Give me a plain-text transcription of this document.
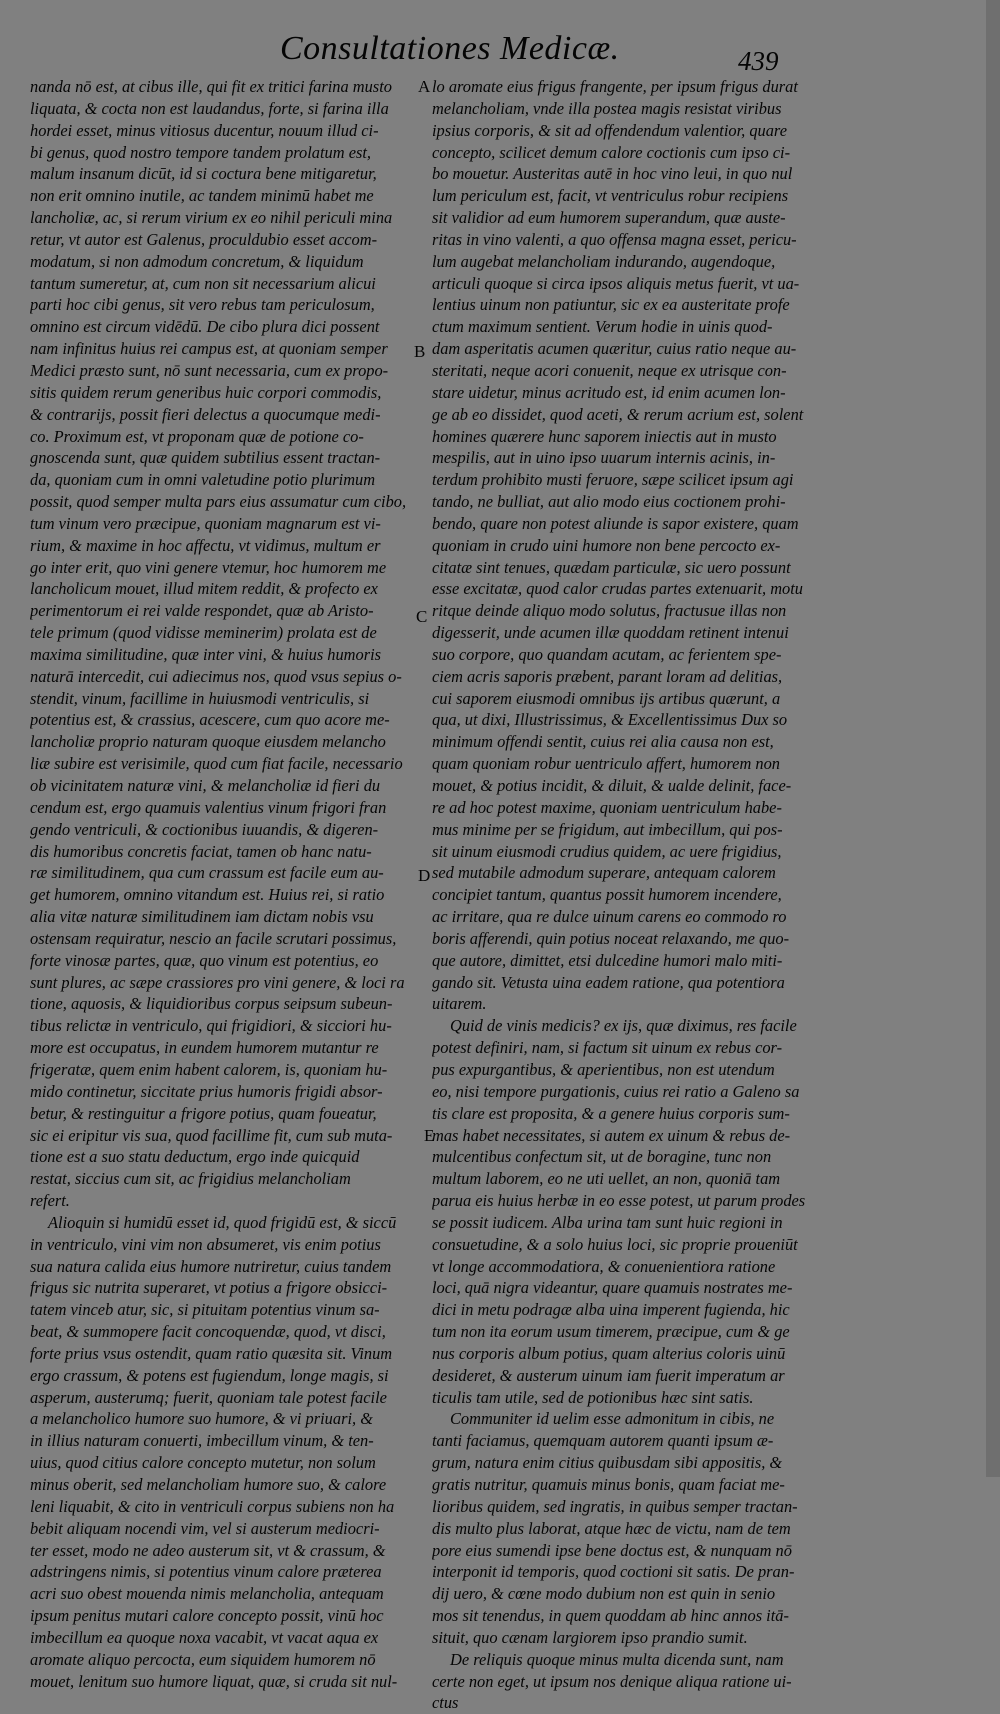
Consultationes Medicæ.	439
nanda nō est, at cibus ille, qui fit ex tritici farina musto
liquata, & cocta non est laudandus, forte, si farina illa
hordei esset, minus vitiosus ducentur, nouum illud ci-
bi genus, quod nostro tempore tandem prolatum est,
malum insanum dicūt, id si coctura bene mitigaretur,
non erit omnino inutile, ac tandem minimū habet me
lancholiæ, ac, si rerum virium ex eo nihil periculi mina
retur, vt autor est Galenus, proculdubio esset accom-
modatum, si non admodum concretum, & liquidum
tantum sumeretur, at, cum non sit necessarium alicui
parti hoc cibi genus, sit vero rebus tam periculosum,
omnino est circum vidēdū. De cibo plura dici possent
nam infinitus huius rei campus est, at quoniam semper
Medici præsto sunt, nō sunt necessaria, cum ex propo-
sitis quidem rerum generibus huic corpori commodis,
& contrarijs, possit fieri delectus a quocumque medi-
co. Proximum est, vt proponam quæ de potione co-
gnoscenda sunt, quæ quidem subtilius essent tractan-
da, quoniam cum in omni valetudine potio plurimum
possit, quod semper multa pars eius assumatur cum cibo,
tum vinum vero præcipue, quoniam magnarum est vi-
rium, & maxime in hoc affectu, vt vidimus, multum er
go inter erit, quo vini genere vtemur, hoc humorem me
lancholicum mouet, illud mitem reddit, & profecto ex
perimentorum ei rei valde respondet, quæ ab Aristo-
tele primum (quod vidisse meminerim) prolata est de
maxima similitudine, quæ inter vini, & huius humoris
naturā intercedit, cui adiecimus nos, quod vsus sepius o-
stendit, vinum, facillime in huiusmodi ventriculis, si
potentius est, & crassius, acescere, cum quo acore me-
lancholiæ proprio naturam quoque eiusdem melancho
liæ subire est verisimile, quod cum fiat facile, necessario
ob vicinitatem naturæ vini, & melancholiæ id fieri du
cendum est, ergo quamuis valentius vinum frigori fran
gendo ventriculi, & coctionibus iuuandis, & digeren-
dis humoribus concretis faciat, tamen ob hanc natu-
ræ similitudinem, qua cum crassum est facile eum au-
get humorem, omnino vitandum est. Huius rei, si ratio
alia vitæ naturæ similitudinem iam dictam nobis vsu
ostensam requiratur, nescio an facile scrutari possimus,
forte vinosæ partes, quæ, quo vinum est potentius, eo
sunt plures, ac sæpe crassiores pro vini genere, & loci ra
tione, aquosis, & liquidioribus corpus seipsum subeun-
tibus relictæ in ventriculo, qui frigidiori, & sicciori hu-
more est occupatus, in eundem humorem mutantur re
frigeratæ, quem enim habent calorem, is, quoniam hu-
mido continetur, siccitate prius humoris frigidi absor-
betur, & restinguitur a frigore potius, quam foueatur,
sic ei eripitur vis sua, quod facillime fit, cum sub muta-
tione est a suo statu deductum, ergo inde quicquid
restat, siccius cum sit, ac frigidius melancholiam
refert.
Alioquin si humidū esset id, quod frigidū est, & siccū
in ventriculo, vini vim non absumeret, vis enim potius
sua natura calida eius humore nutriretur, cuius tandem
frigus sic nutrita superaret, vt potius a frigore obsicci-
tatem vinceb atur, sic, si pituitam potentius vinum sa-
beat, & summopere facit concoquendæ, quod, vt disci,
forte prius vsus ostendit, quam ratio quæsita sit. Vinum
ergo crassum, & potens est fugiendum, longe magis, si
asperum, austerumq; fuerit, quoniam tale potest facile
a melancholico humore suo humore, & vi priuari, &
in illius naturam conuerti, imbecillum vinum, & ten-
uius, quod citius calore concepto mutetur, non solum
minus oberit, sed melancholiam humore suo, & calore
leni liquabit, & cito in ventriculi corpus subiens non ha
bebit aliquam nocendi vim, vel si austerum mediocri-
ter esset, modo ne adeo austerum sit, vt & crassum, &
adstringens nimis, si potentius vinum calore præterea
acri suo obest mouenda nimis melancholia, antequam
ipsum penitus mutari calore concepto possit, vinū hoc
imbecillum ea quoque noxa vacabit, vt vacat aqua ex
aromate aliquo percocta, eum siquidem humorem nō
mouet, lenitum suo humore liquat, quæ, si cruda sit nul-
lo aromate eius frigus frangente, per ipsum frigus durat
melancholiam, vnde illa postea magis resistat viribus
ipsius corporis, & sit ad offendendum valentior, quare
concepto, scilicet demum calore coctionis cum ipso ci-
bo mouetur. Austeritas autē in hoc vino leui, in quo nul
lum periculum est, facit, vt ventriculus robur recipiens
sit validior ad eum humorem superandum, quæ auste-
ritas in vino valenti, a quo offensa magna esset, pericu-
lum augebat melancholiam indurando, augendoque,
articuli quoque si circa ipsos aliquis metus fuerit, vt ua-
lentius uinum non patiuntur, sic ex ea austeritate profe
ctum maximum sentient. Verum hodie in uinis quod-
dam asperitatis acumen quæritur, cuius ratio neque au-
steritati, neque acori conuenit, neque ex utrisque con-
stare uidetur, minus acritudo est, id enim acumen lon-
ge ab eo dissidet, quod aceti, & rerum acrium est, solent
homines quærere hunc saporem iniectis aut in musto
mespilis, aut in uino ipso uuarum internis acinis, in-
terdum prohibito musti feruore, sæpe scilicet ipsum agi
tando, ne bulliat, aut alio modo eius coctionem prohi-
bendo, quare non potest aliunde is sapor existere, quam
quoniam in crudo uini humore non bene percocto ex-
citatæ sint tenues, quædam particulæ, sic uero possunt
esse excitatæ, quod calor crudas partes extenuarit, motu
ritque deinde aliquo modo solutus, fractusue illas non
digesserit, unde acumen illæ quoddam retinent intenui
suo corpore, quo quandam acutam, ac ferientem spe-
ciem acris saporis præbent, parant loram ad delitias,
cui saporem eiusmodi omnibus ijs artibus quærunt, a
qua, ut dixi, Illustrissimus, & Excellentissimus Dux so
minimum offendi sentit, cuius rei alia causa non est,
quam quoniam robur uentriculo affert, humorem non
mouet, & potius incidit, & diluit, & ualde delinit, face-
re ad hoc potest maxime, quoniam uentriculum habe-
mus minime per se frigidum, aut imbecillum, qui pos-
sit uinum eiusmodi crudius quidem, ac uere frigidius,
sed mutabile admodum superare, antequam calorem
concipiet tantum, quantus possit humorem incendere,
ac irritare, qua re dulce uinum carens eo commodo ro
boris afferendi, quin potius noceat relaxando, me quo-
que autore, dimittet, etsi dulcedine humori malo miti-
gando sit. Vetusta uina eadem ratione, qua potentiora
uitarem.
Quid de vinis medicis? ex ijs, quæ diximus, res facile
potest definiri, nam, si factum sit uinum ex rebus cor-
pus expurgantibus, & aperientibus, non est utendum
eo, nisi tempore purgationis, cuius rei ratio a Galeno sa
tis clare est proposita, & a genere huius corporis sum-
mas habet necessitates, si autem ex uinum & rebus de-
mulcentibus confectum sit, ut de boragine, tunc non
multum laborem, eo ne uti uellet, an non, quoniā tam
parua eis huius herbæ in eo esse potest, ut parum prodes
se possit iudicem. Alba urina tam sunt huic regioni in
consuetudine, & a solo huius loci, sic proprie proueniūt
vt longe accommodatiora, & conuenientiora ratione
loci, quā nigra videantur, quare quamuis nostrates me-
dici in metu podragæ alba uina imperent fugienda, hic
tum non ita eorum usum timerem, præcipue, cum & ge
nus corporis album potius, quam alterius coloris uinū
desideret, & austerum uinum iam fuerit imperatum ar
ticulis tam utile, sed de potionibus hæc sint satis.
Communiter id uelim esse admonitum in cibis, ne
tanti faciamus, quemquam autorem quanti ipsum æ-
grum, natura enim citius quibusdam sibi appositis, &
gratis nutritur, quamuis minus bonis, quam faciat me-
lioribus quidem, sed ingratis, in quibus semper tractan-
dis multo plus laborat, atque hæc de victu, nam de tem
pore eius sumendi ipse bene doctus est, & nunquam nō
interponit id temporis, quod coctioni sit satis. De pran-
dij uero, & cœne modo dubium non est quin in senio
mos sit tenendus, in quem quoddam ab hinc annos itā-
situit, quo cænam largiorem ipso prandio sumit.
De reliquis quoque minus multa dicenda sunt, nam
certe non eget, ut ipsum nos denique aliqua ratione ui-
ctus
A
B
C
D
E
